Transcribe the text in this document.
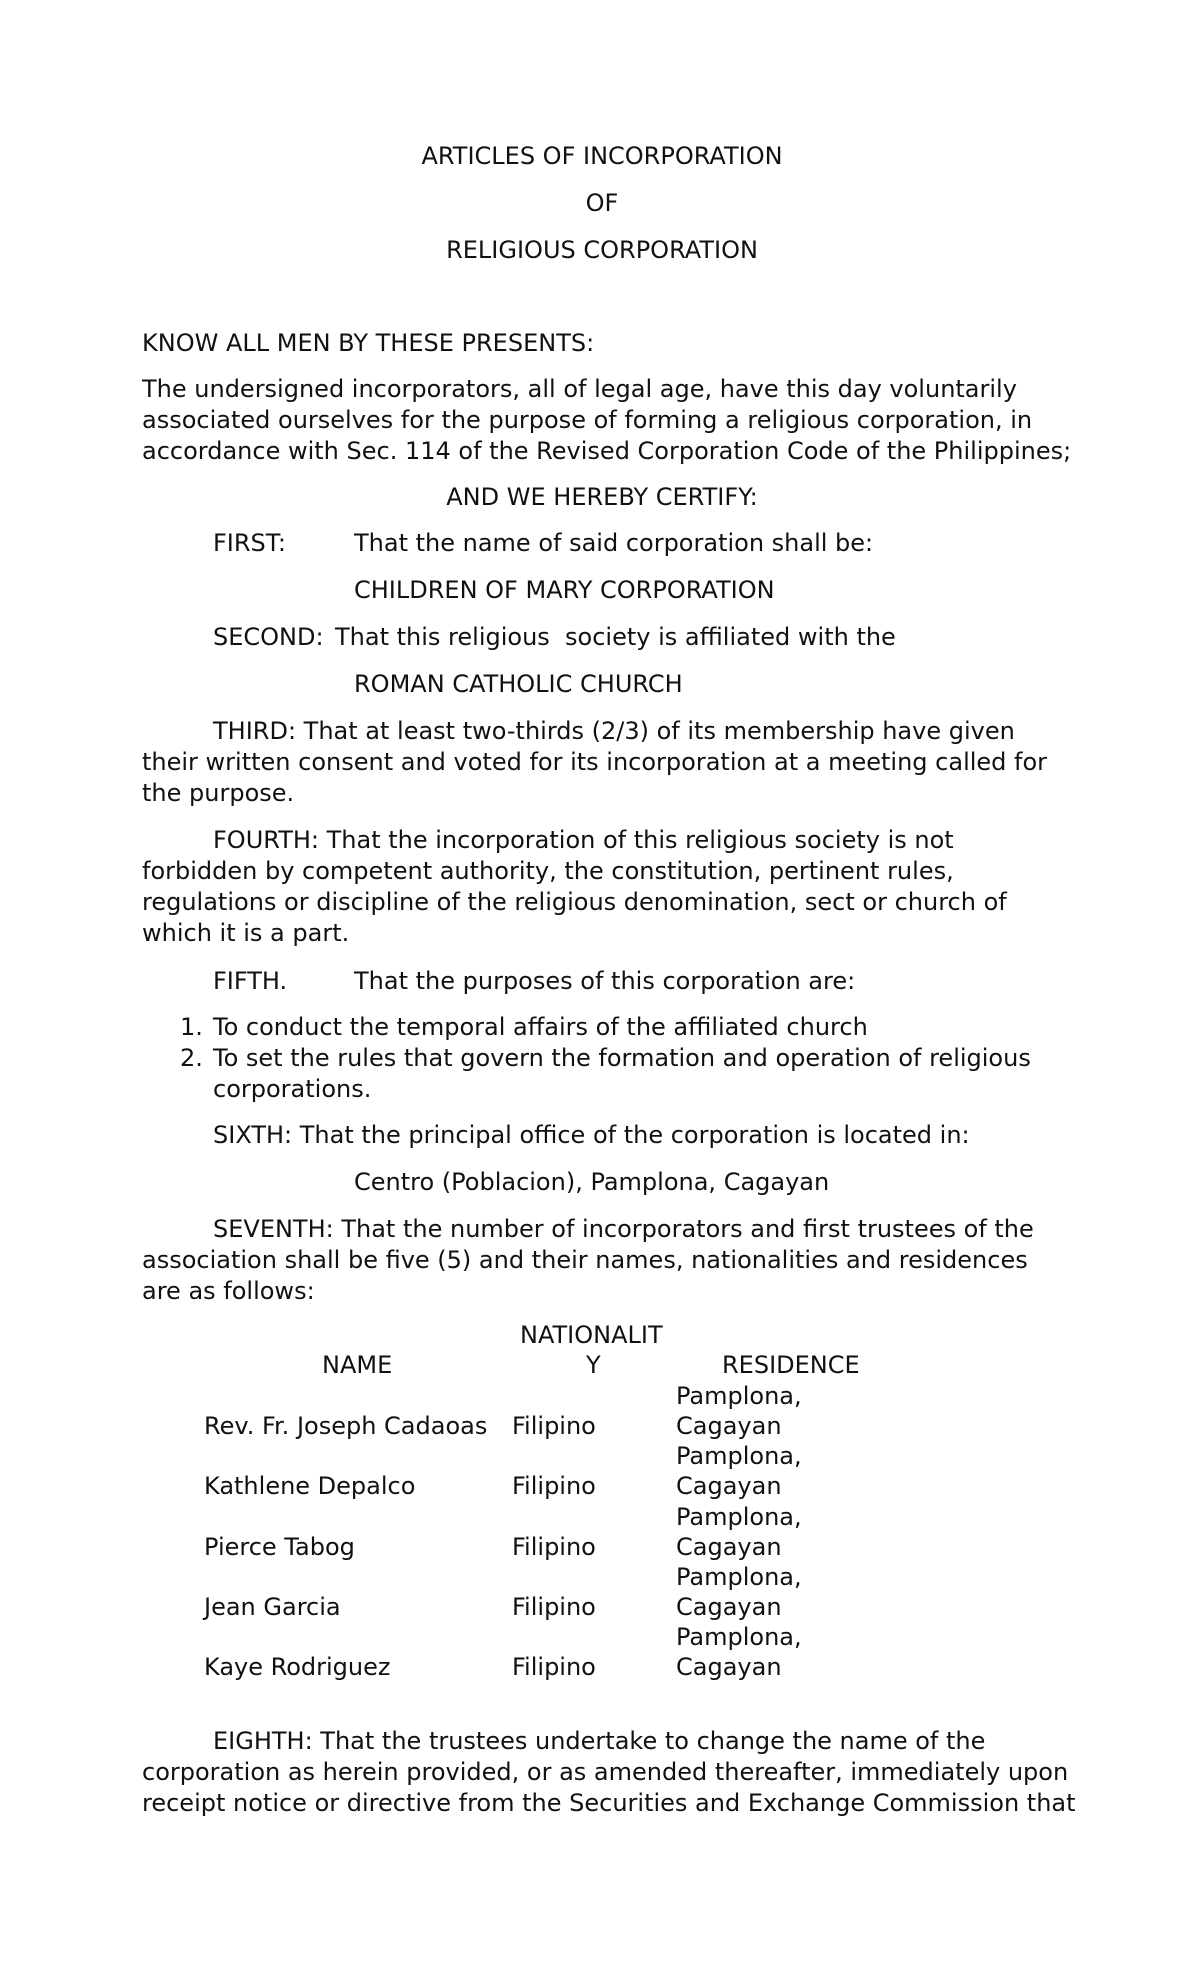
ARTICLES OF INCORPORATION
OF
RELIGIOUS CORPORATION
KNOW ALL MEN BY THESE PRESENTS:
The undersigned incorporators, all of legal age, have this day voluntarily
associated ourselves for the purpose of forming a religious corporation, in
accordance with Sec. 114 of the Revised Corporation Code of the Philippines;
AND WE HEREBY CERTIFY:
FIRST:	That the name of said corporation shall be:
CHILDREN OF MARY CORPORATION
SECOND: That this religious  society is affiliated with the
ROMAN CATHOLIC CHURCH
THIRD: That at least two-thirds (2/3) of its membership have given
their written consent and voted for its incorporation at a meeting called for
the purpose.
FOURTH: That the incorporation of this religious society is not
forbidden by competent authority, the constitution, pertinent rules,
regulations or discipline of the religious denomination, sect or church of
which it is a part.
FIFTH.	That the purposes of this corporation are:
1. To conduct the temporal affairs of the affiliated church
2. To set the rules that govern the formation and operation of religious
corporations.
SIXTH: That the principal office of the corporation is located in:
Centro (Poblacion), Pamplona, Cagayan
SEVENTH: That the number of incorporators and first trustees of the
association shall be five (5) and their names, nationalities and residences
are as follows:
NATIONALIT
NAME	Y	RESIDENCE
Pamplona,
Rev. Fr. Joseph Cadaoas Filipino	Cagayan
Pamplona,
Kathlene Depalco	Filipino	Cagayan
Pamplona,
Pierce Tabog	Filipino	Cagayan
Pamplona,
Jean Garcia	Filipino	Cagayan
Pamplona,
Kaye Rodriguez	Filipino	Cagayan
EIGHTH: That the trustees undertake to change the name of the
corporation as herein provided, or as amended thereafter, immediately upon
receipt notice or directive from the Securities and Exchange Commission that
